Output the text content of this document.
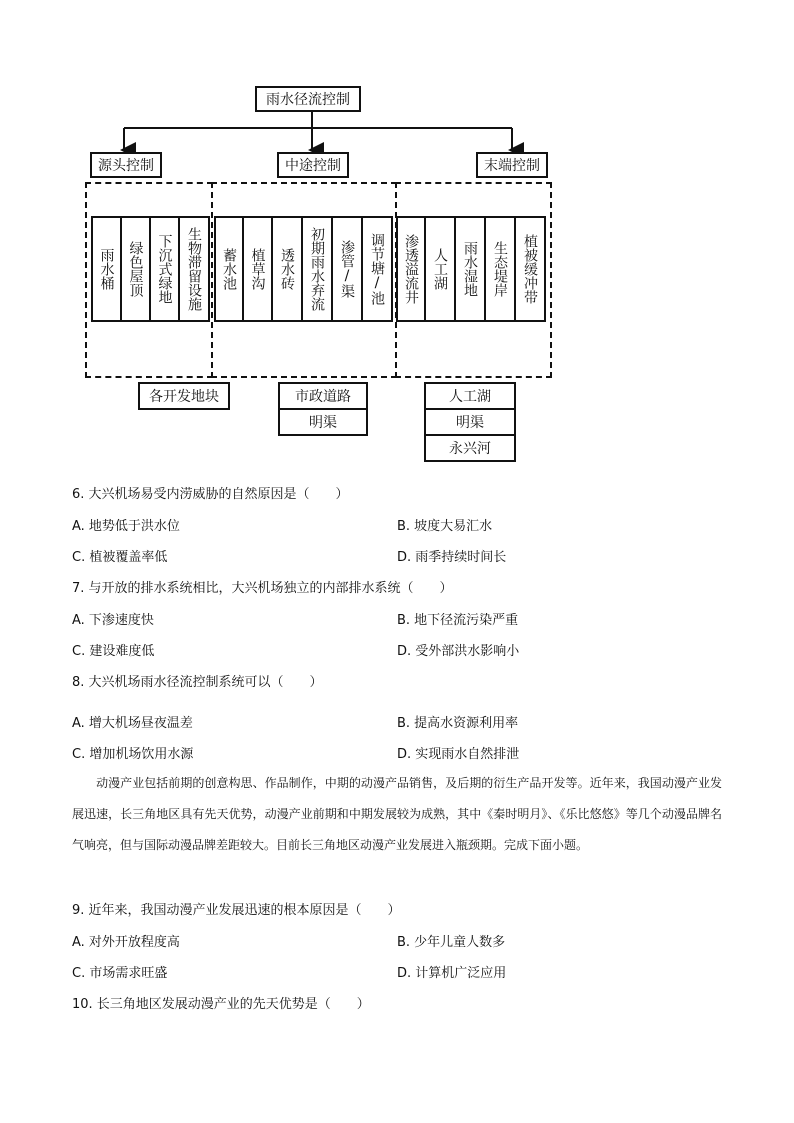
雨水径流控制
源头控制	中途控制	末端控制
雨水桶 绿色屋顶 下沉式绿地 生物滞留设施	蓄水池 植草沟 透水砖	初期雨水弃流	渗管/渠	调节塘/池	渗透溢流井 人工湖	雨水湿地	生态堤岸	植被缓冲带
各开发地块	市政道路
明渠
人工湖
明渠
永兴河
6. 大兴机场易受内涝威胁的自然原因是（　　）
A. 地势低于洪水位	B. 坡度大易汇水
C. 植被覆盖率低	D. 雨季持续时间长
7. 与开放的排水系统相比，大兴机场独立的内部排水系统（　　）
A. 下渗速度快	B. 地下径流污染严重
C. 建设难度低	D. 受外部洪水影响小
8. 大兴机场雨水径流控制系统可以（　　）
A. 增大机场昼夜温差	B. 提高水资源利用率
C. 增加机场饮用水源	D. 实现雨水自然排泄
　　动漫产业包括前期的创意构思、作品制作，中期的动漫产品销售，及后期的衍生产品开发等。近年来，我国动漫产业发展迅速，长三角地区具有先天优势，动漫产业前期和中期发展较为成熟，其中《秦时明月》、《乐比悠悠》等几个动漫品牌名气响亮，但与国际动漫品牌差距较大。目前长三角地区动漫产业发展进入瓶颈期。完成下面小题。
9. 近年来，我国动漫产业发展迅速的根本原因是（　　）
A. 对外开放程度高	B. 少年儿童人数多
C. 市场需求旺盛	D. 计算机广泛应用
10. 长三角地区发展动漫产业的先天优势是（　　）
